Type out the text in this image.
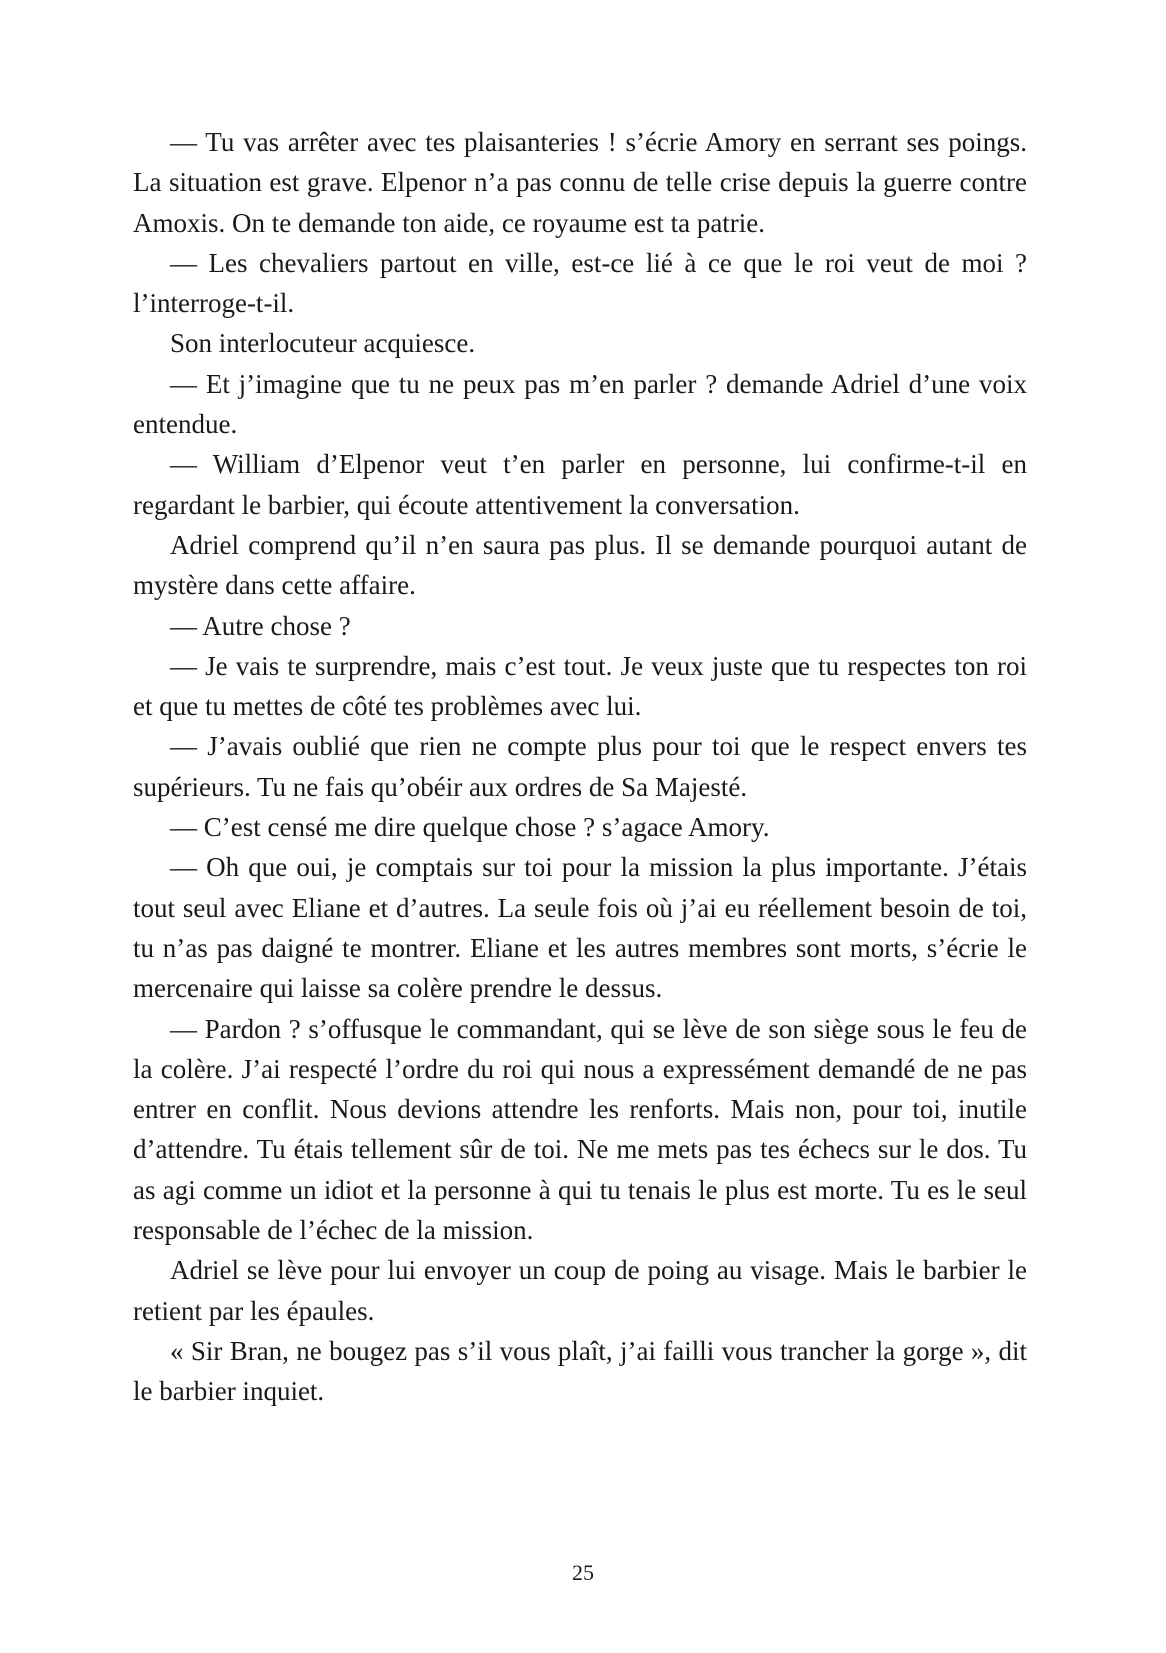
— Tu vas arrêter avec tes plaisanteries ! s’écrie Amory en serrant ses poings. La situation est grave. Elpenor n’a pas connu de telle crise depuis la guerre contre Amoxis. On te demande ton aide, ce royaume est ta patrie.

— Les chevaliers partout en ville, est-ce lié à ce que le roi veut de moi ? l’interroge-t-il.

Son interlocuteur acquiesce.

— Et j’imagine que tu ne peux pas m’en parler ? demande Adriel d’une voix entendue.

— William d’Elpenor veut t’en parler en personne, lui confirme-t-il en regardant le barbier, qui écoute attentivement la conversation.

Adriel comprend qu’il n’en saura pas plus. Il se demande pourquoi autant de mystère dans cette affaire.

— Autre chose ?

— Je vais te surprendre, mais c’est tout. Je veux juste que tu respectes ton roi et que tu mettes de côté tes problèmes avec lui.

— J’avais oublié que rien ne compte plus pour toi que le respect envers tes supérieurs. Tu ne fais qu’obéir aux ordres de Sa Majesté.

— C’est censé me dire quelque chose ? s’agace Amory.

— Oh que oui, je comptais sur toi pour la mission la plus importante. J’étais tout seul avec Eliane et d’autres. La seule fois où j’ai eu réellement besoin de toi, tu n’as pas daigné te montrer. Eliane et les autres membres sont morts, s’écrie le mercenaire qui laisse sa colère prendre le dessus.

— Pardon ? s’offusque le commandant, qui se lève de son siège sous le feu de la colère. J’ai respecté l’ordre du roi qui nous a expressément demandé de ne pas entrer en conflit. Nous devions attendre les renforts. Mais non, pour toi, inutile d’attendre. Tu étais tellement sûr de toi. Ne me mets pas tes échecs sur le dos. Tu as agi comme un idiot et la personne à qui tu tenais le plus est morte. Tu es le seul responsable de l’échec de la mission.

Adriel se lève pour lui envoyer un coup de poing au visage. Mais le barbier le retient par les épaules.

« Sir Bran, ne bougez pas s’il vous plaît, j’ai failli vous trancher la gorge », dit le barbier inquiet.

25
